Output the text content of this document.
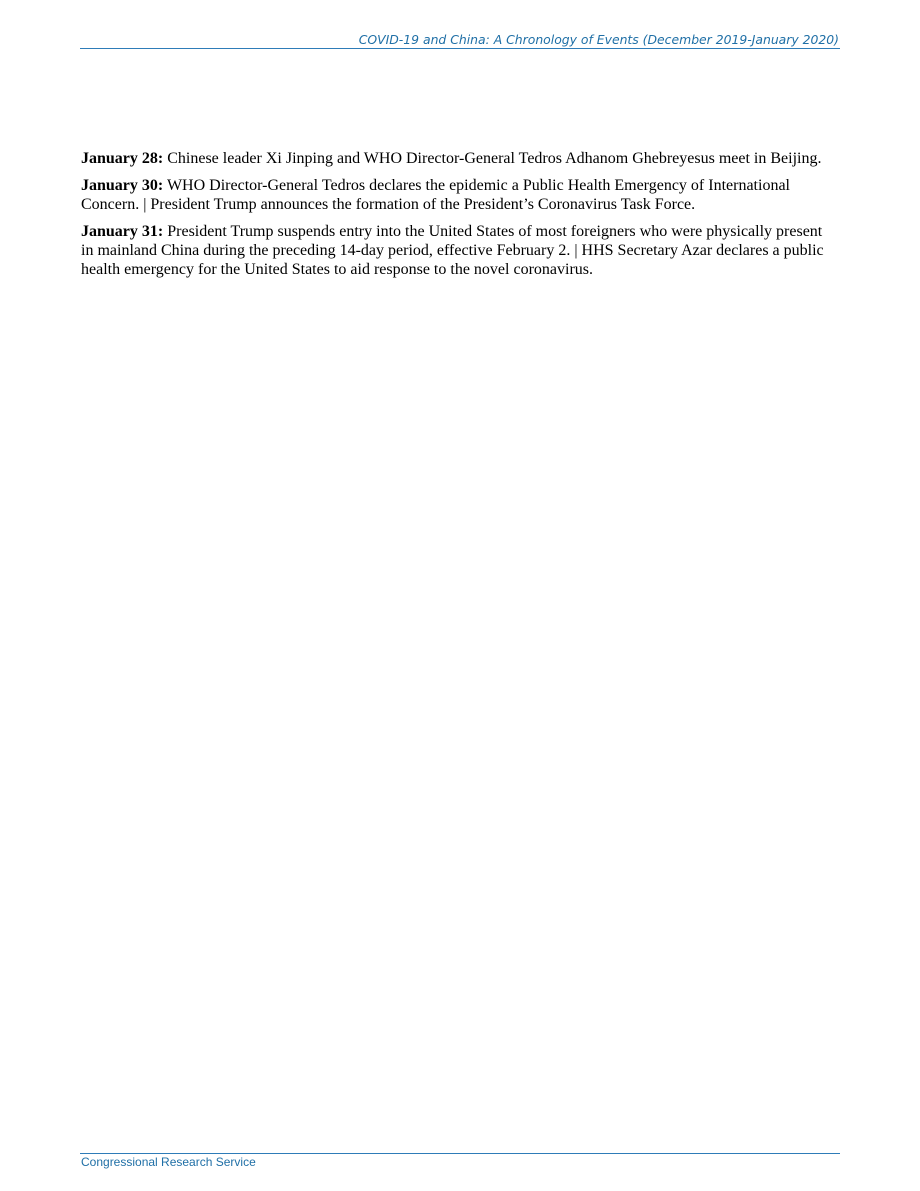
COVID-19 and China: A Chronology of Events (December 2019-January 2020)

January 28: Chinese leader Xi Jinping and WHO Director-General Tedros Adhanom Ghebreyesus meet in Beijing.

January 30: WHO Director-General Tedros declares the epidemic a Public Health Emergency of International Concern. | President Trump announces the formation of the President’s Coronavirus Task Force.

January 31: President Trump suspends entry into the United States of most foreigners who were physically present in mainland China during the preceding 14-day period, effective February 2. | HHS Secretary Azar declares a public health emergency for the United States to aid response to the novel coronavirus.

Congressional Research Service
